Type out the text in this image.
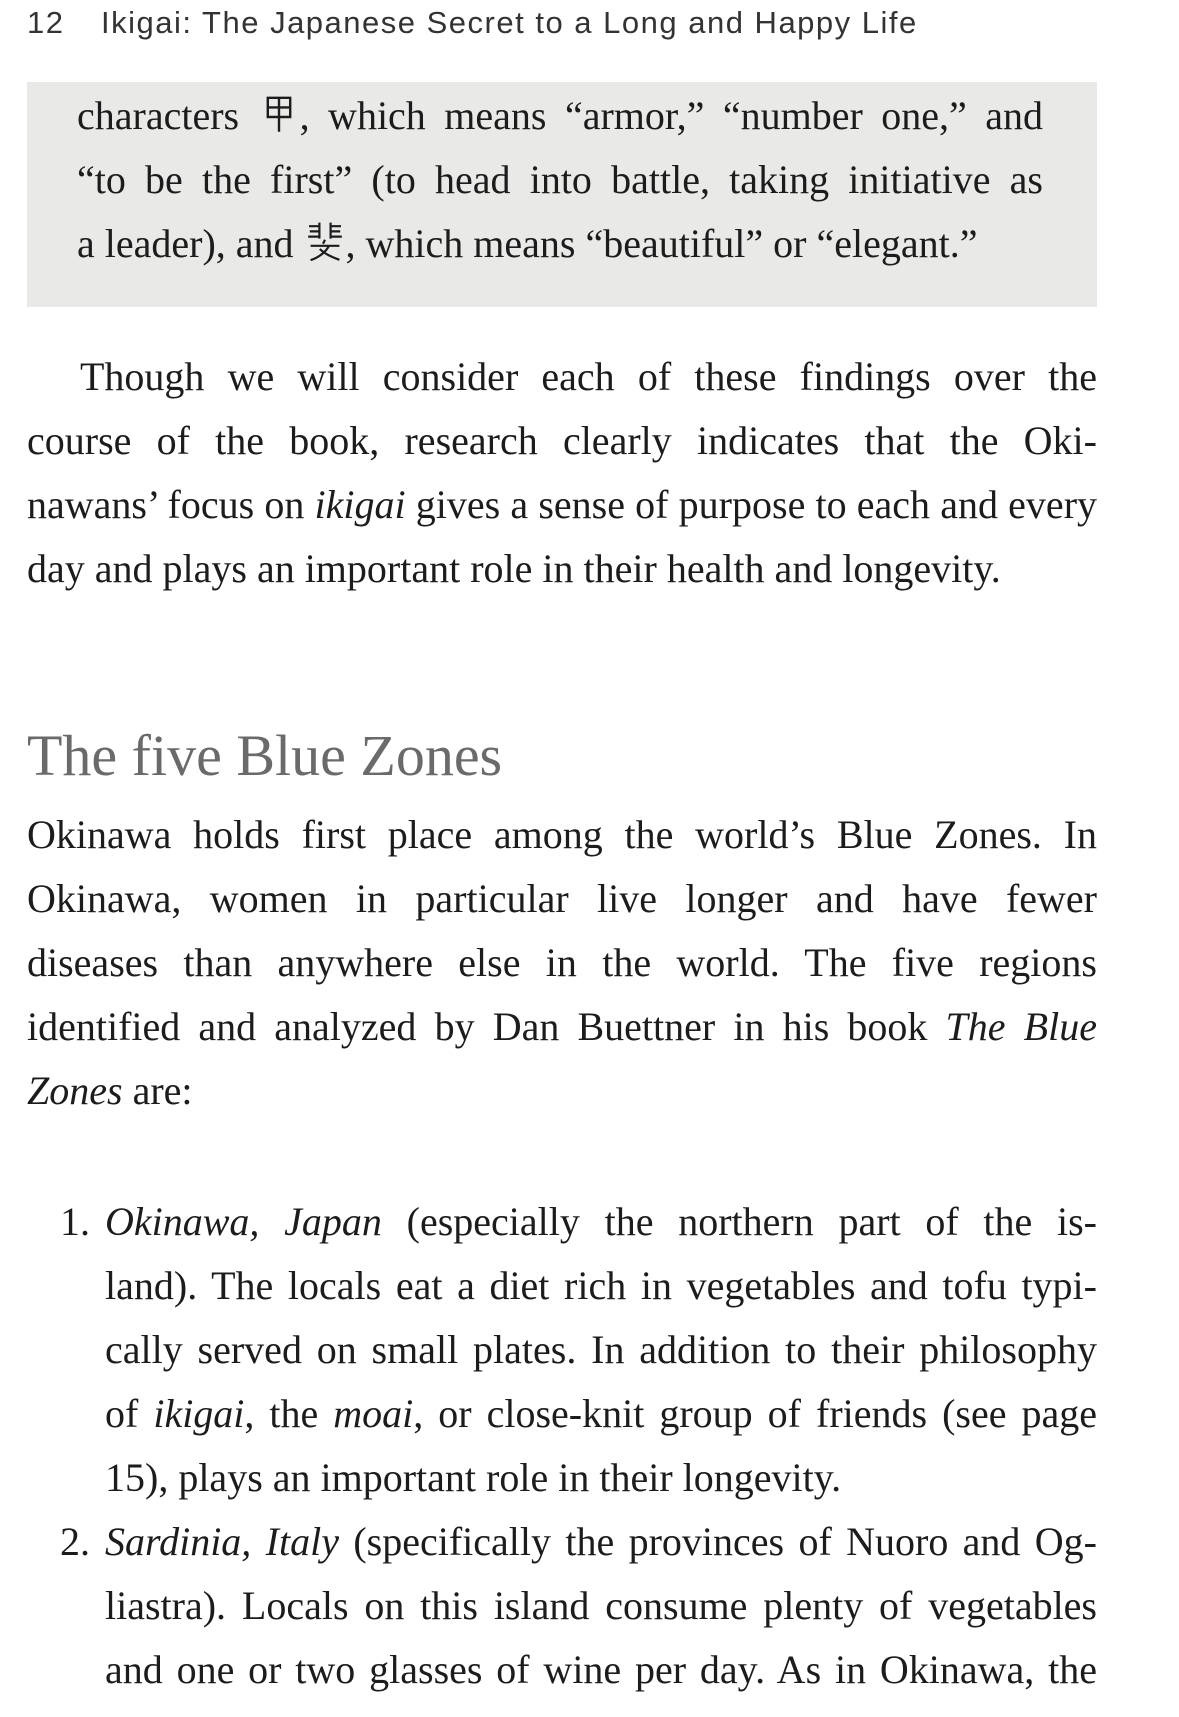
12	Ikigai: The Japanese Secret to a Long and Happy Life
characters , which means “armor,” “number one,” and
“to be the first” (to head into battle, taking initiative as
a leader), and , which means “beautiful” or “elegant.”
Though we will consider each of these findings over the
course of the book, research clearly indicates that the Oki-
nawans’ focus on ikigai gives a sense of purpose to each and every
day and plays an important role in their health and longevity.
The five Blue Zones
Okinawa holds first place among the world’s Blue Zones. In
Okinawa, women in particular live longer and have fewer
diseases than anywhere else in the world. The five regions
identified and analyzed by Dan Buettner in his book The Blue
Zones are:
1. Okinawa, Japan (especially the northern part of the is-
land). The locals eat a diet rich in vegetables and tofu typi-
cally served on small plates. In addition to their philosophy
of ikigai, the moai, or close-knit group of friends (see page
15), plays an important role in their longevity.
2. Sardinia, Italy (specifically the provinces of Nuoro and Og-
liastra). Locals on this island consume plenty of vegetables
and one or two glasses of wine per day. As in Okinawa, the
